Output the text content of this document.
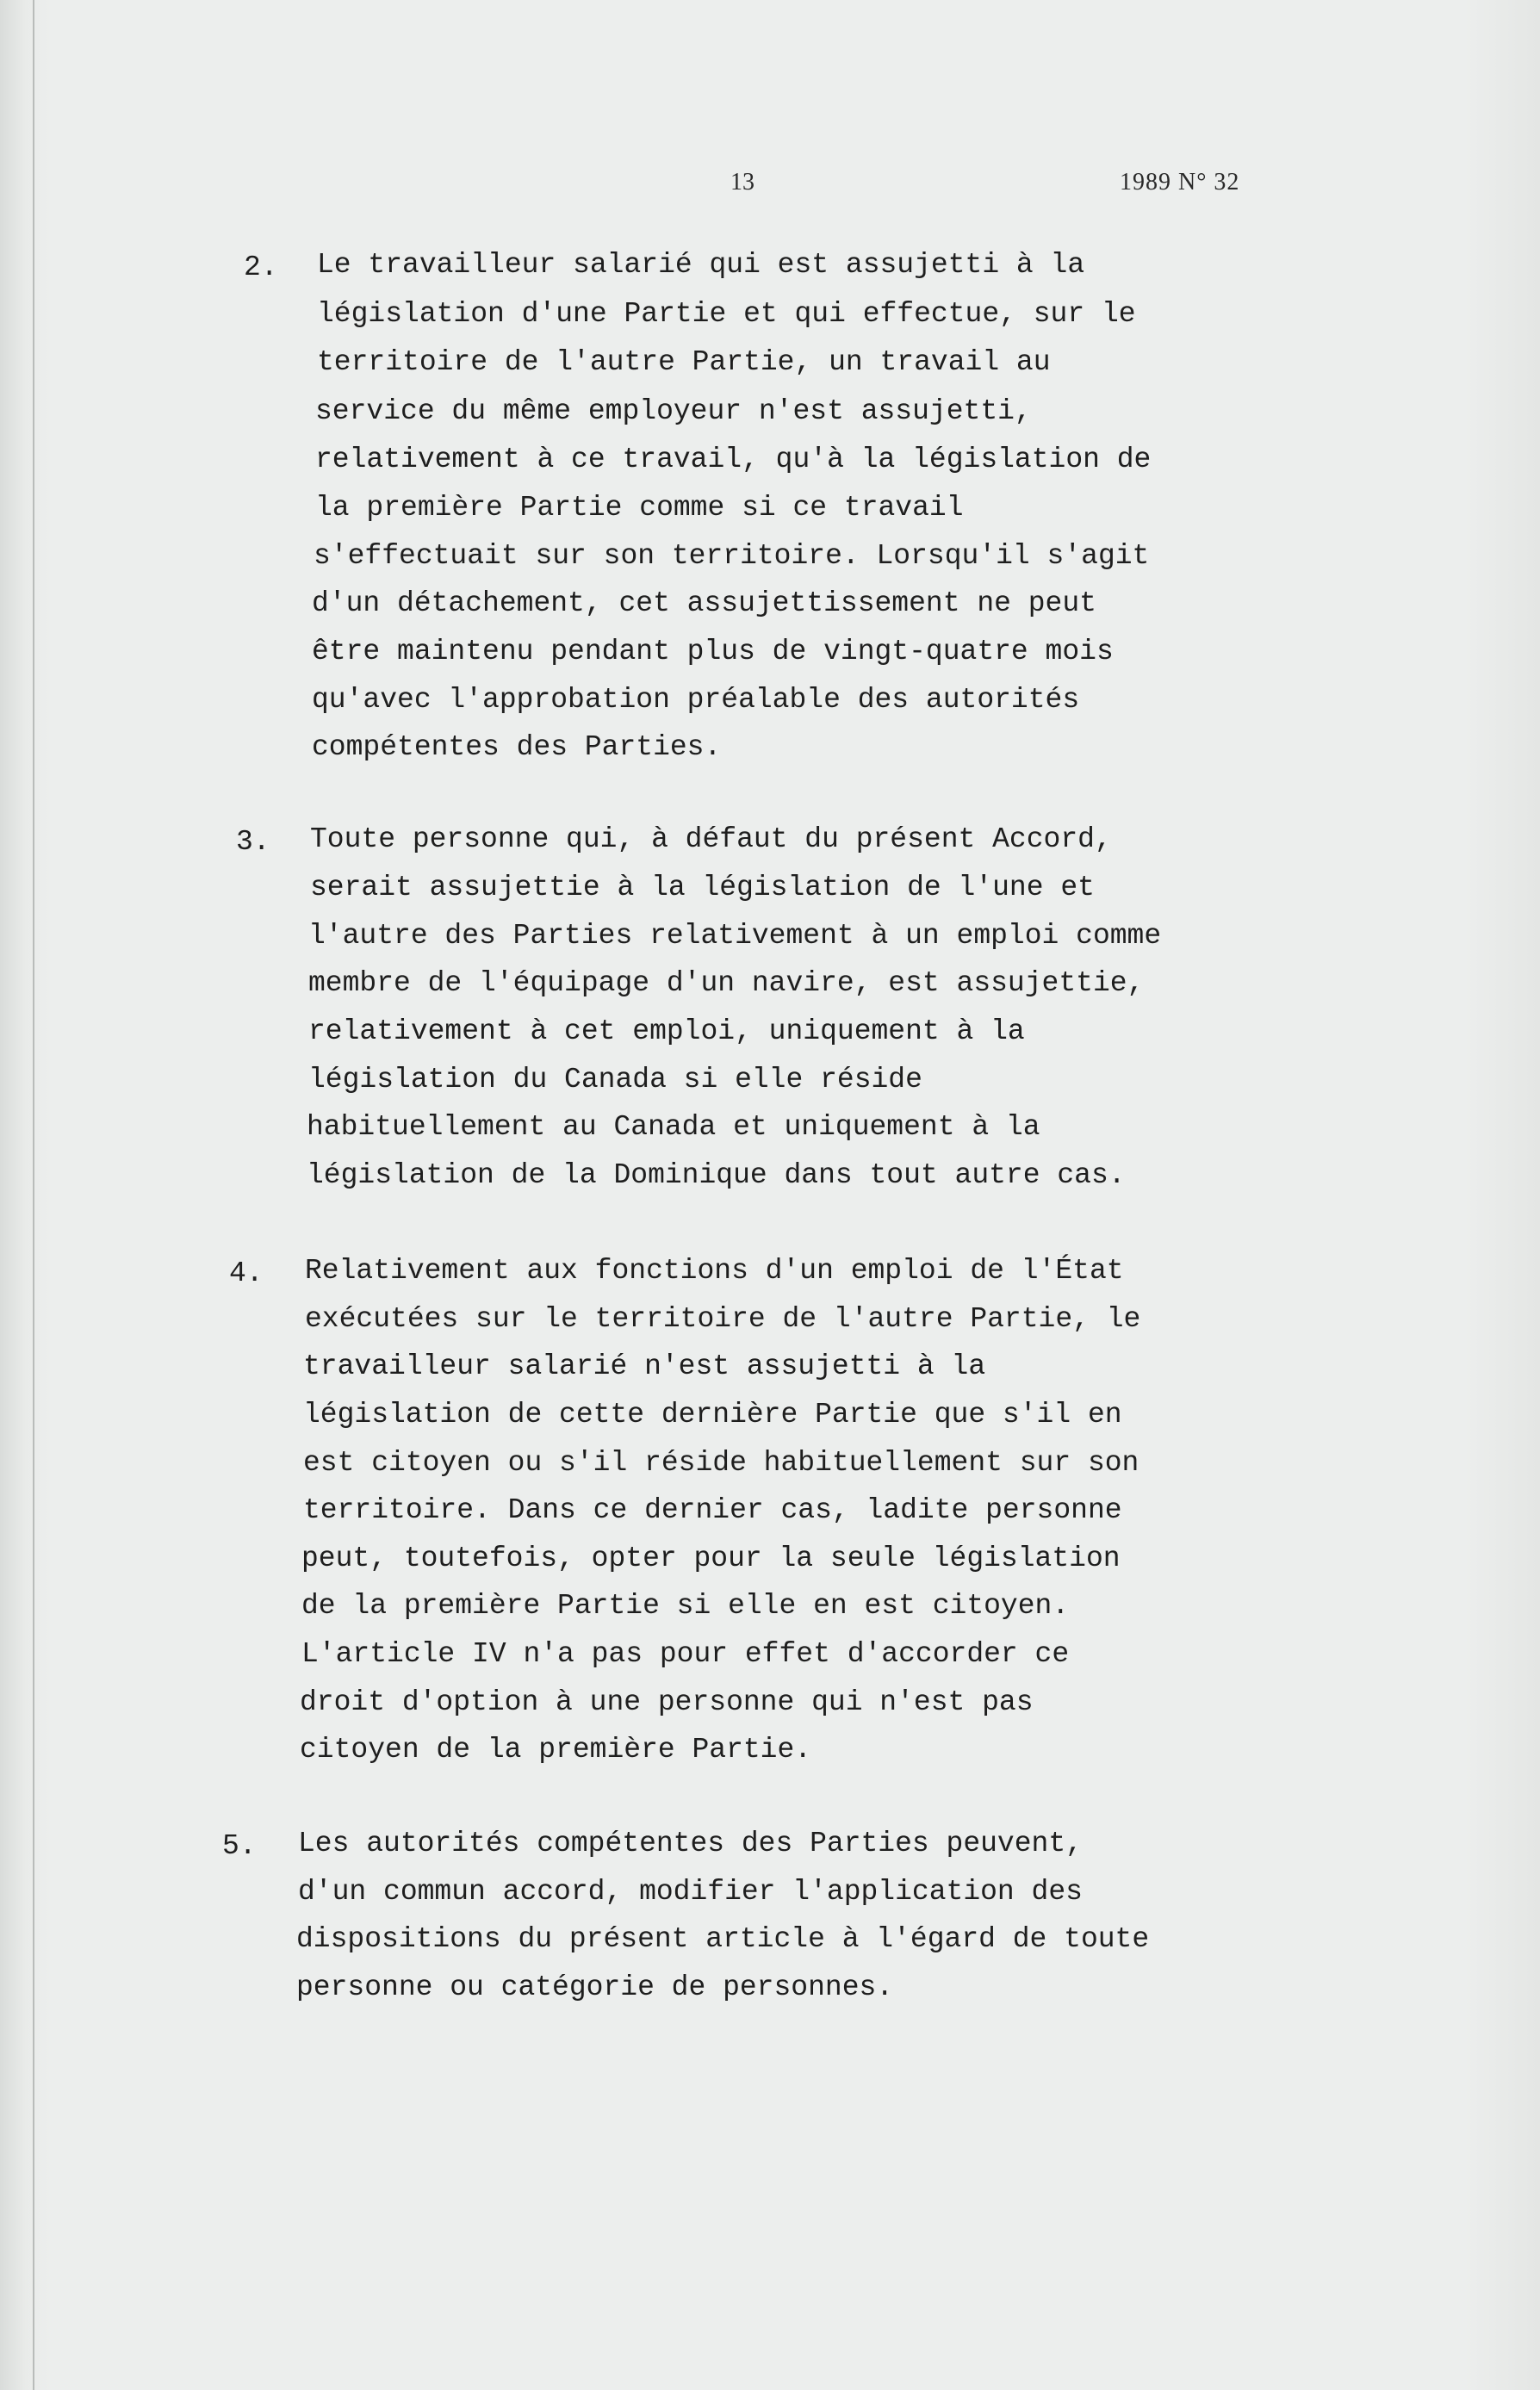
13	1989 N° 32
2. Le travailleur salarié qui est assujetti à la
législation d'une Partie et qui effectue, sur le
territoire de l'autre Partie, un travail au
service du même employeur n'est assujetti,
relativement à ce travail, qu'à la législation de
la première Partie comme si ce travail
s'effectuait sur son territoire. Lorsqu'il s'agit
d'un détachement, cet assujettissement ne peut
être maintenu pendant plus de vingt-quatre mois
qu'avec l'approbation préalable des autorités
compétentes des Parties.
3. Toute personne qui, à défaut du présent Accord,
serait assujettie à la législation de l'une et
l'autre des Parties relativement à un emploi comme
membre de l'équipage d'un navire, est assujettie,
relativement à cet emploi, uniquement à la
législation du Canada si elle réside
habituellement au Canada et uniquement à la
législation de la Dominique dans tout autre cas.
4. Relativement aux fonctions d'un emploi de l'État
exécutées sur le territoire de l'autre Partie, le
travailleur salarié n'est assujetti à la
législation de cette dernière Partie que s'il en
est citoyen ou s'il réside habituellement sur son
territoire. Dans ce dernier cas, ladite personne
peut, toutefois, opter pour la seule législation
de la première Partie si elle en est citoyen.
L'article IV n'a pas pour effet d'accorder ce
droit d'option à une personne qui n'est pas
citoyen de la première Partie.
5. Les autorités compétentes des Parties peuvent,
d'un commun accord, modifier l'application des
dispositions du présent article à l'égard de toute
personne ou catégorie de personnes.
